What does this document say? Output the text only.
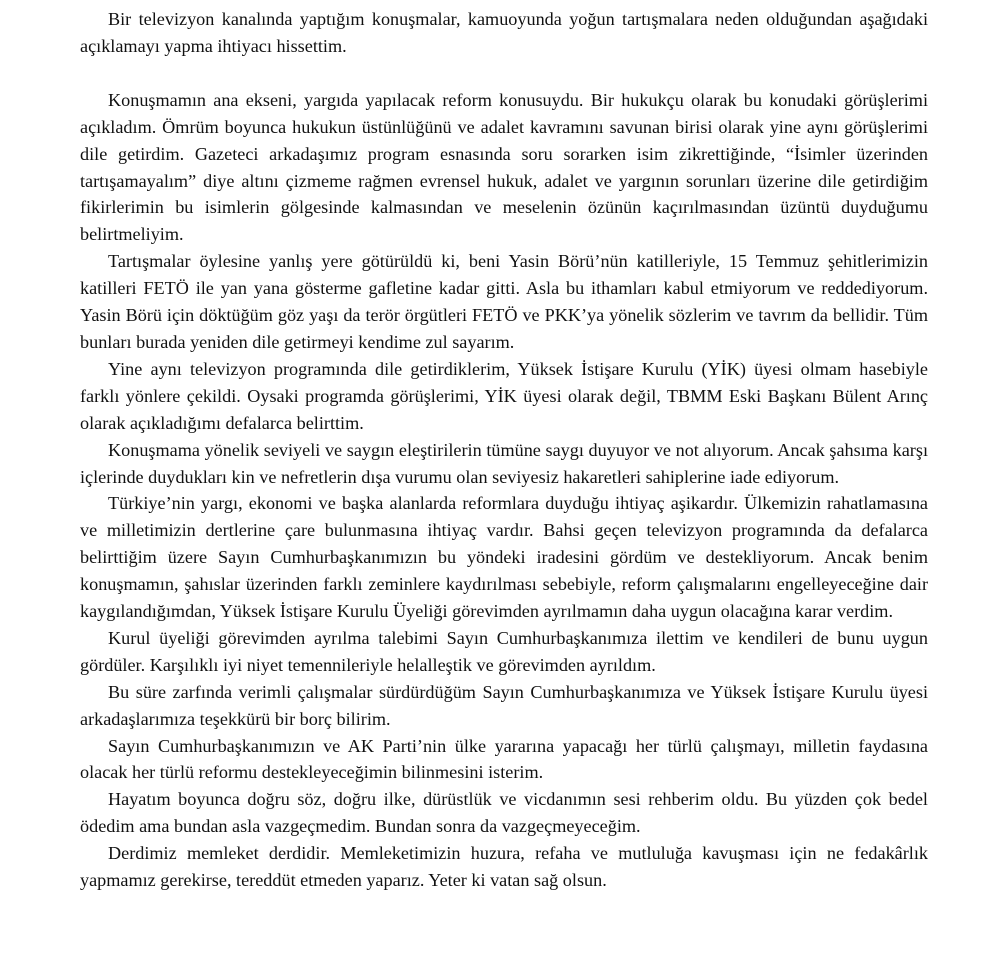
Bir televizyon kanalında yaptığım konuşmalar, kamuoyunda yoğun tartışmalara neden olduğundan aşağıdaki açıklamayı yapma ihtiyacı hissettim.

Konuşmamın ana ekseni, yargıda yapılacak reform konusuydu. Bir hukukçu olarak bu konudaki görüşlerimi açıkladım. Ömrüm boyunca hukukun üstünlüğünü ve adalet kavramını savunan birisi olarak yine aynı görüşlerimi dile getirdim. Gazeteci arkadaşımız program esnasında soru sorarken isim zikrettiğinde, “İsimler üzerinden tartışamayalım” diye altını çizmeme rağmen evrensel hukuk, adalet ve yargının sorunları üzerine dile getirdiğim fikirlerimin bu isimlerin gölgesinde kalmasından ve meselenin özünün kaçırılmasından üzüntü duyduğumu belirtmeliyim.

Tartışmalar öylesine yanlış yere götürüldü ki, beni Yasin Börü’nün katilleriyle, 15 Temmuz şehitlerimizin katilleri FETÖ ile yan yana gösterme gafletine kadar gitti. Asla bu ithamları kabul etmiyorum ve reddediyorum. Yasin Börü için döktüğüm göz yaşı da terör örgütleri FETÖ ve PKK’ya yönelik sözlerim ve tavrım da bellidir. Tüm bunları burada yeniden dile getirmeyi kendime zul sayarım.

Yine aynı televizyon programında dile getirdiklerim, Yüksek İstişare Kurulu (YİK) üyesi olmam hasebiyle farklı yönlere çekildi. Oysaki programda görüşlerimi, YİK üyesi olarak değil, TBMM Eski Başkanı Bülent Arınç olarak açıkladığımı defalarca belirttim.

Konuşmama yönelik seviyeli ve saygın eleştirilerin tümüne saygı duyuyor ve not alıyorum. Ancak şahsıma karşı içlerinde duydukları kin ve nefretlerin dışa vurumu olan seviyesiz hakaretleri sahiplerine iade ediyorum.

Türkiye’nin yargı, ekonomi ve başka alanlarda reformlara duyduğu ihtiyaç aşikardır. Ülkemizin rahatlamasına ve milletimizin dertlerine çare bulunmasına ihtiyaç vardır. Bahsi geçen televizyon programında da defalarca belirttiğim üzere Sayın Cumhurbaşkanımızın bu yöndeki iradesini gördüm ve destekliyorum. Ancak benim konuşmamın, şahıslar üzerinden farklı zeminlere kaydırılması sebebiyle, reform çalışmalarını engelleyeceğine dair kaygılandığımdan, Yüksek İstişare Kurulu Üyeliği görevimden ayrılmamın daha uygun olacağına karar verdim.

Kurul üyeliği görevimden ayrılma talebimi Sayın Cumhurbaşkanımıza ilettim ve kendileri de bunu uygun gördüler. Karşılıklı iyi niyet temennileriyle helalleştik ve görevimden ayrıldım.

Bu süre zarfında verimli çalışmalar sürdürdüğüm Sayın Cumhurbaşkanımıza ve Yüksek İstişare Kurulu üyesi arkadaşlarımıza teşekkürü bir borç bilirim.

Sayın Cumhurbaşkanımızın ve AK Parti’nin ülke yararına yapacağı her türlü çalışmayı, milletin faydasına olacak her türlü reformu destekleyeceğimin bilinmesini isterim.

Hayatım boyunca doğru söz, doğru ilke, dürüstlük ve vicdanımın sesi rehberim oldu. Bu yüzden çok bedel ödedim ama bundan asla vazgeçmedim. Bundan sonra da vazgeçmeyeceğim.

Derdimiz memleket derdidir. Memleketimizin huzura, refaha ve mutluluğa kavuşması için ne fedakârlık yapmamız gerekirse, tereddüt etmeden yaparız. Yeter ki vatan sağ olsun.
